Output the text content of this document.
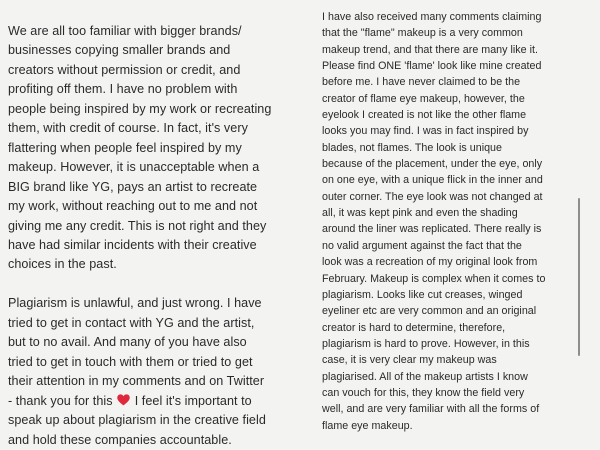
We are all too familiar with bigger brands/
businesses copying smaller brands and
creators without permission or credit, and
profiting off them. I have no problem with
people being inspired by my work or recreating
them, with credit of course. In fact, it's very
flattering when people feel inspired by my
makeup. However, it is unacceptable when a
BIG brand like YG, pays an artist to recreate
my work, without reaching out to me and not
giving me any credit. This is not right and they
have had similar incidents with their creative
choices in the past.
Plagiarism is unlawful, and just wrong. I have
tried to get in contact with YG and the artist,
but to no avail. And many of you have also
tried to get in touch with them or tried to get
their attention in my comments and on Twitter
- thank you for this  I feel it's important to
speak up about plagiarism in the creative field
and hold these companies accountable.
I have also received many comments claiming
that the "flame" makeup is a very common
makeup trend, and that there are many like it.
Please find ONE 'flame' look like mine created
before me. I have never claimed to be the
creator of flame eye makeup, however, the
eyelook I created is not like the other flame
looks you may find. I was in fact inspired by
blades, not flames. The look is unique
because of the placement, under the eye, only
on one eye, with a unique flick in the inner and
outer corner. The eye look was not changed at
all, it was kept pink and even the shading
around the liner was replicated. There really is
no valid argument against the fact that the
look was a recreation of my original look from
February. Makeup is complex when it comes to
plagiarism. Looks like cut creases, winged
eyeliner etc are very common and an original
creator is hard to determine, therefore,
plagiarism is hard to prove. However, in this
case, it is very clear my makeup was
plagiarised. All of the makeup artists I know
can vouch for this, they know the field very
well, and are very familiar with all the forms of
flame eye makeup.
